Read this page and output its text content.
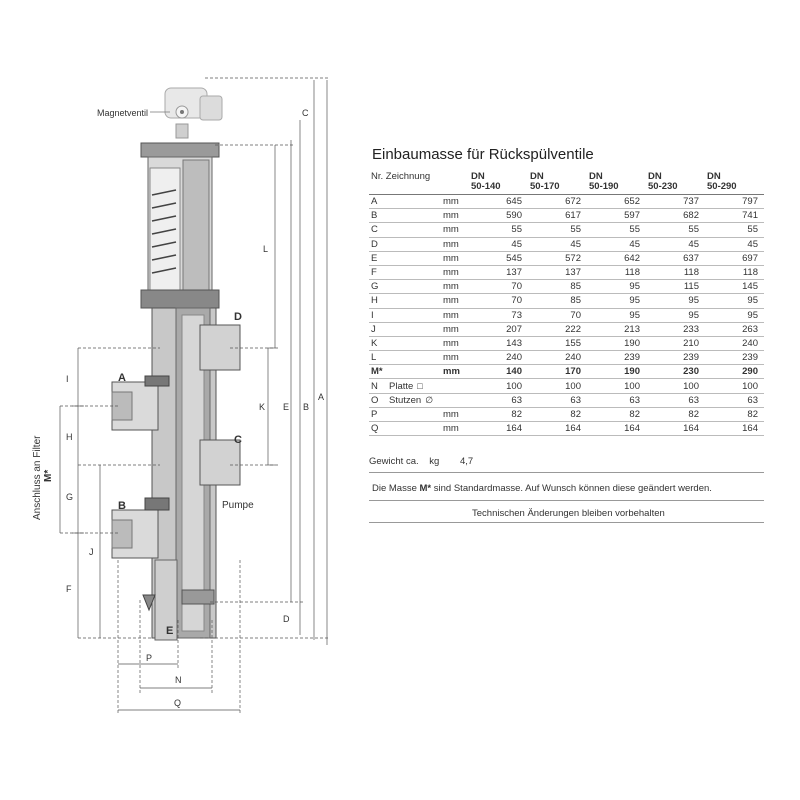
Magnetventil
A
B
C
D
E
Pumpe
C
L
K E B
A
D
I
H
G
F
J
Anschluss an Filter M*
P
N
Q
Einbaumasse für Rückspülventile
Nr. Zeichnung		DN
50-140	DN
50-170	DN
50-190	DN
50-230	DN
50-290
A	mm	645	672	652	737	797
B	mm	590	617	597	682	741
C	mm	55	55	55	55	55
D	mm	45	45	45	45	45
E	mm	545	572	642	637	697
F	mm	137	137	118	118	118
G	mm	70	85	95	115	145
H	mm	70	85	95	95	95
I	mm	73	70	95	95	95
J	mm	207	222	213	233	263
K	mm	143	155	190	210	240
L	mm	240	240	239	239	239
M*	mm	140	170	190	230	290
N	Platte □	100	100	100	100	100
O	Stutzen ∅	63	63	63	63	63
P	mm	82	82	82	82	82
Q	mm	164	164	164	164	164
Gewicht ca. kg 4,7
Die Masse M* sind Standardmasse. Auf Wunsch können diese geändert werden.
Technischen Änderungen bleiben vorbehalten
